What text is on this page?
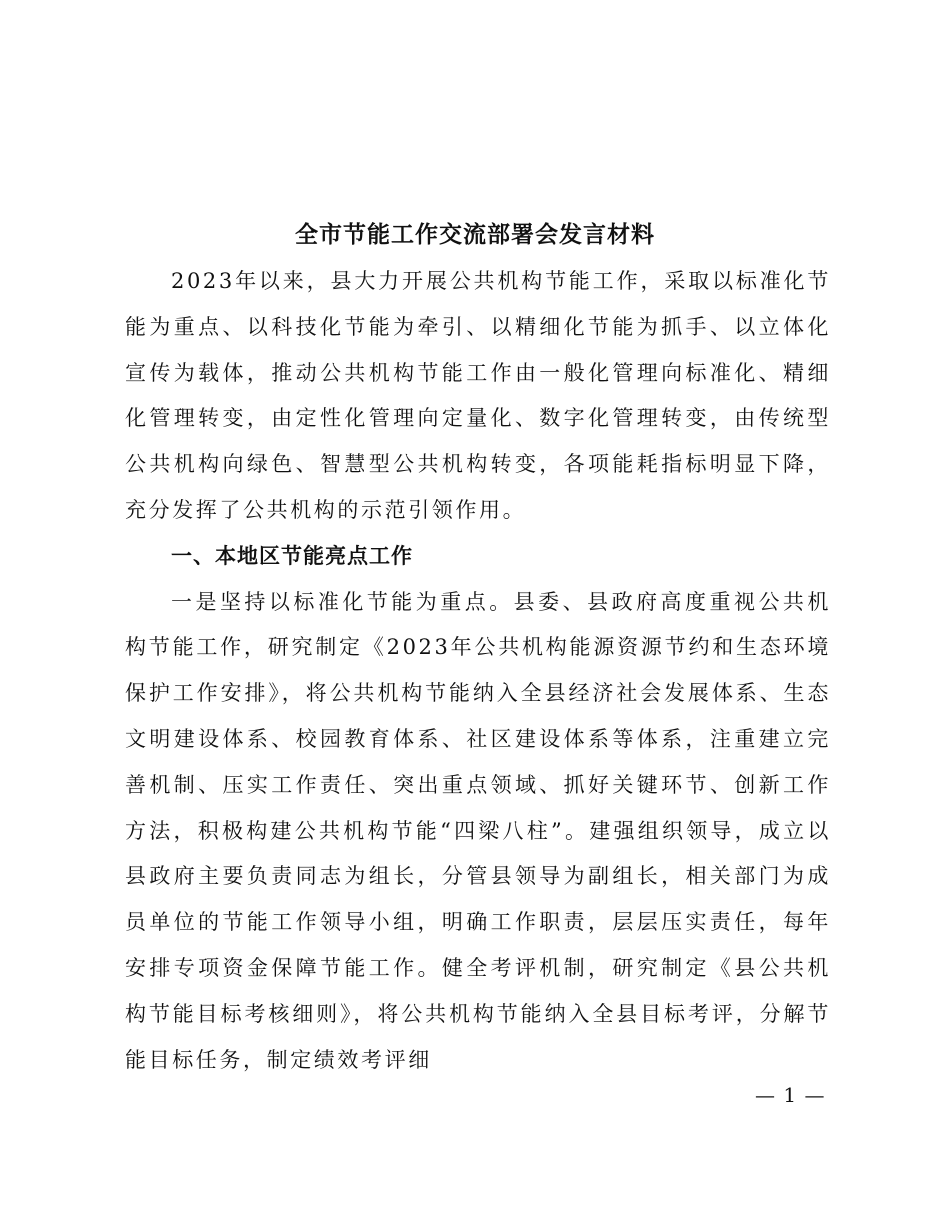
全市节能工作交流部署会发言材料

2023年以来，县大力开展公共机构节能工作，采取以标准化节能为重点、以科技化节能为牵引、以精细化节能为抓手、以立体化宣传为载体，推动公共机构节能工作由一般化管理向标准化、精细化管理转变，由定性化管理向定量化、数字化管理转变，由传统型公共机构向绿色、智慧型公共机构转变，各项能耗指标明显下降，充分发挥了公共机构的示范引领作用。

一、本地区节能亮点工作

一是坚持以标准化节能为重点。县委、县政府高度重视公共机构节能工作，研究制定《2023年公共机构能源资源节约和生态环境保护工作安排》，将公共机构节能纳入全县经济社会发展体系、生态文明建设体系、校园教育体系、社区建设体系等体系，注重建立完善机制、压实工作责任、突出重点领域、抓好关键环节、创新工作方法，积极构建公共机构节能“四梁八柱”。建强组织领导，成立以县政府主要负责同志为组长，分管县领导为副组长，相关部门为成员单位的节能工作领导小组，明确工作职责，层层压实责任，每年安排专项资金保障节能工作。健全考评机制，研究制定《县公共机构节能目标考核细则》，将公共机构节能纳入全县目标考评，分解节能目标任务，制定绩效考评细

— 1 —
